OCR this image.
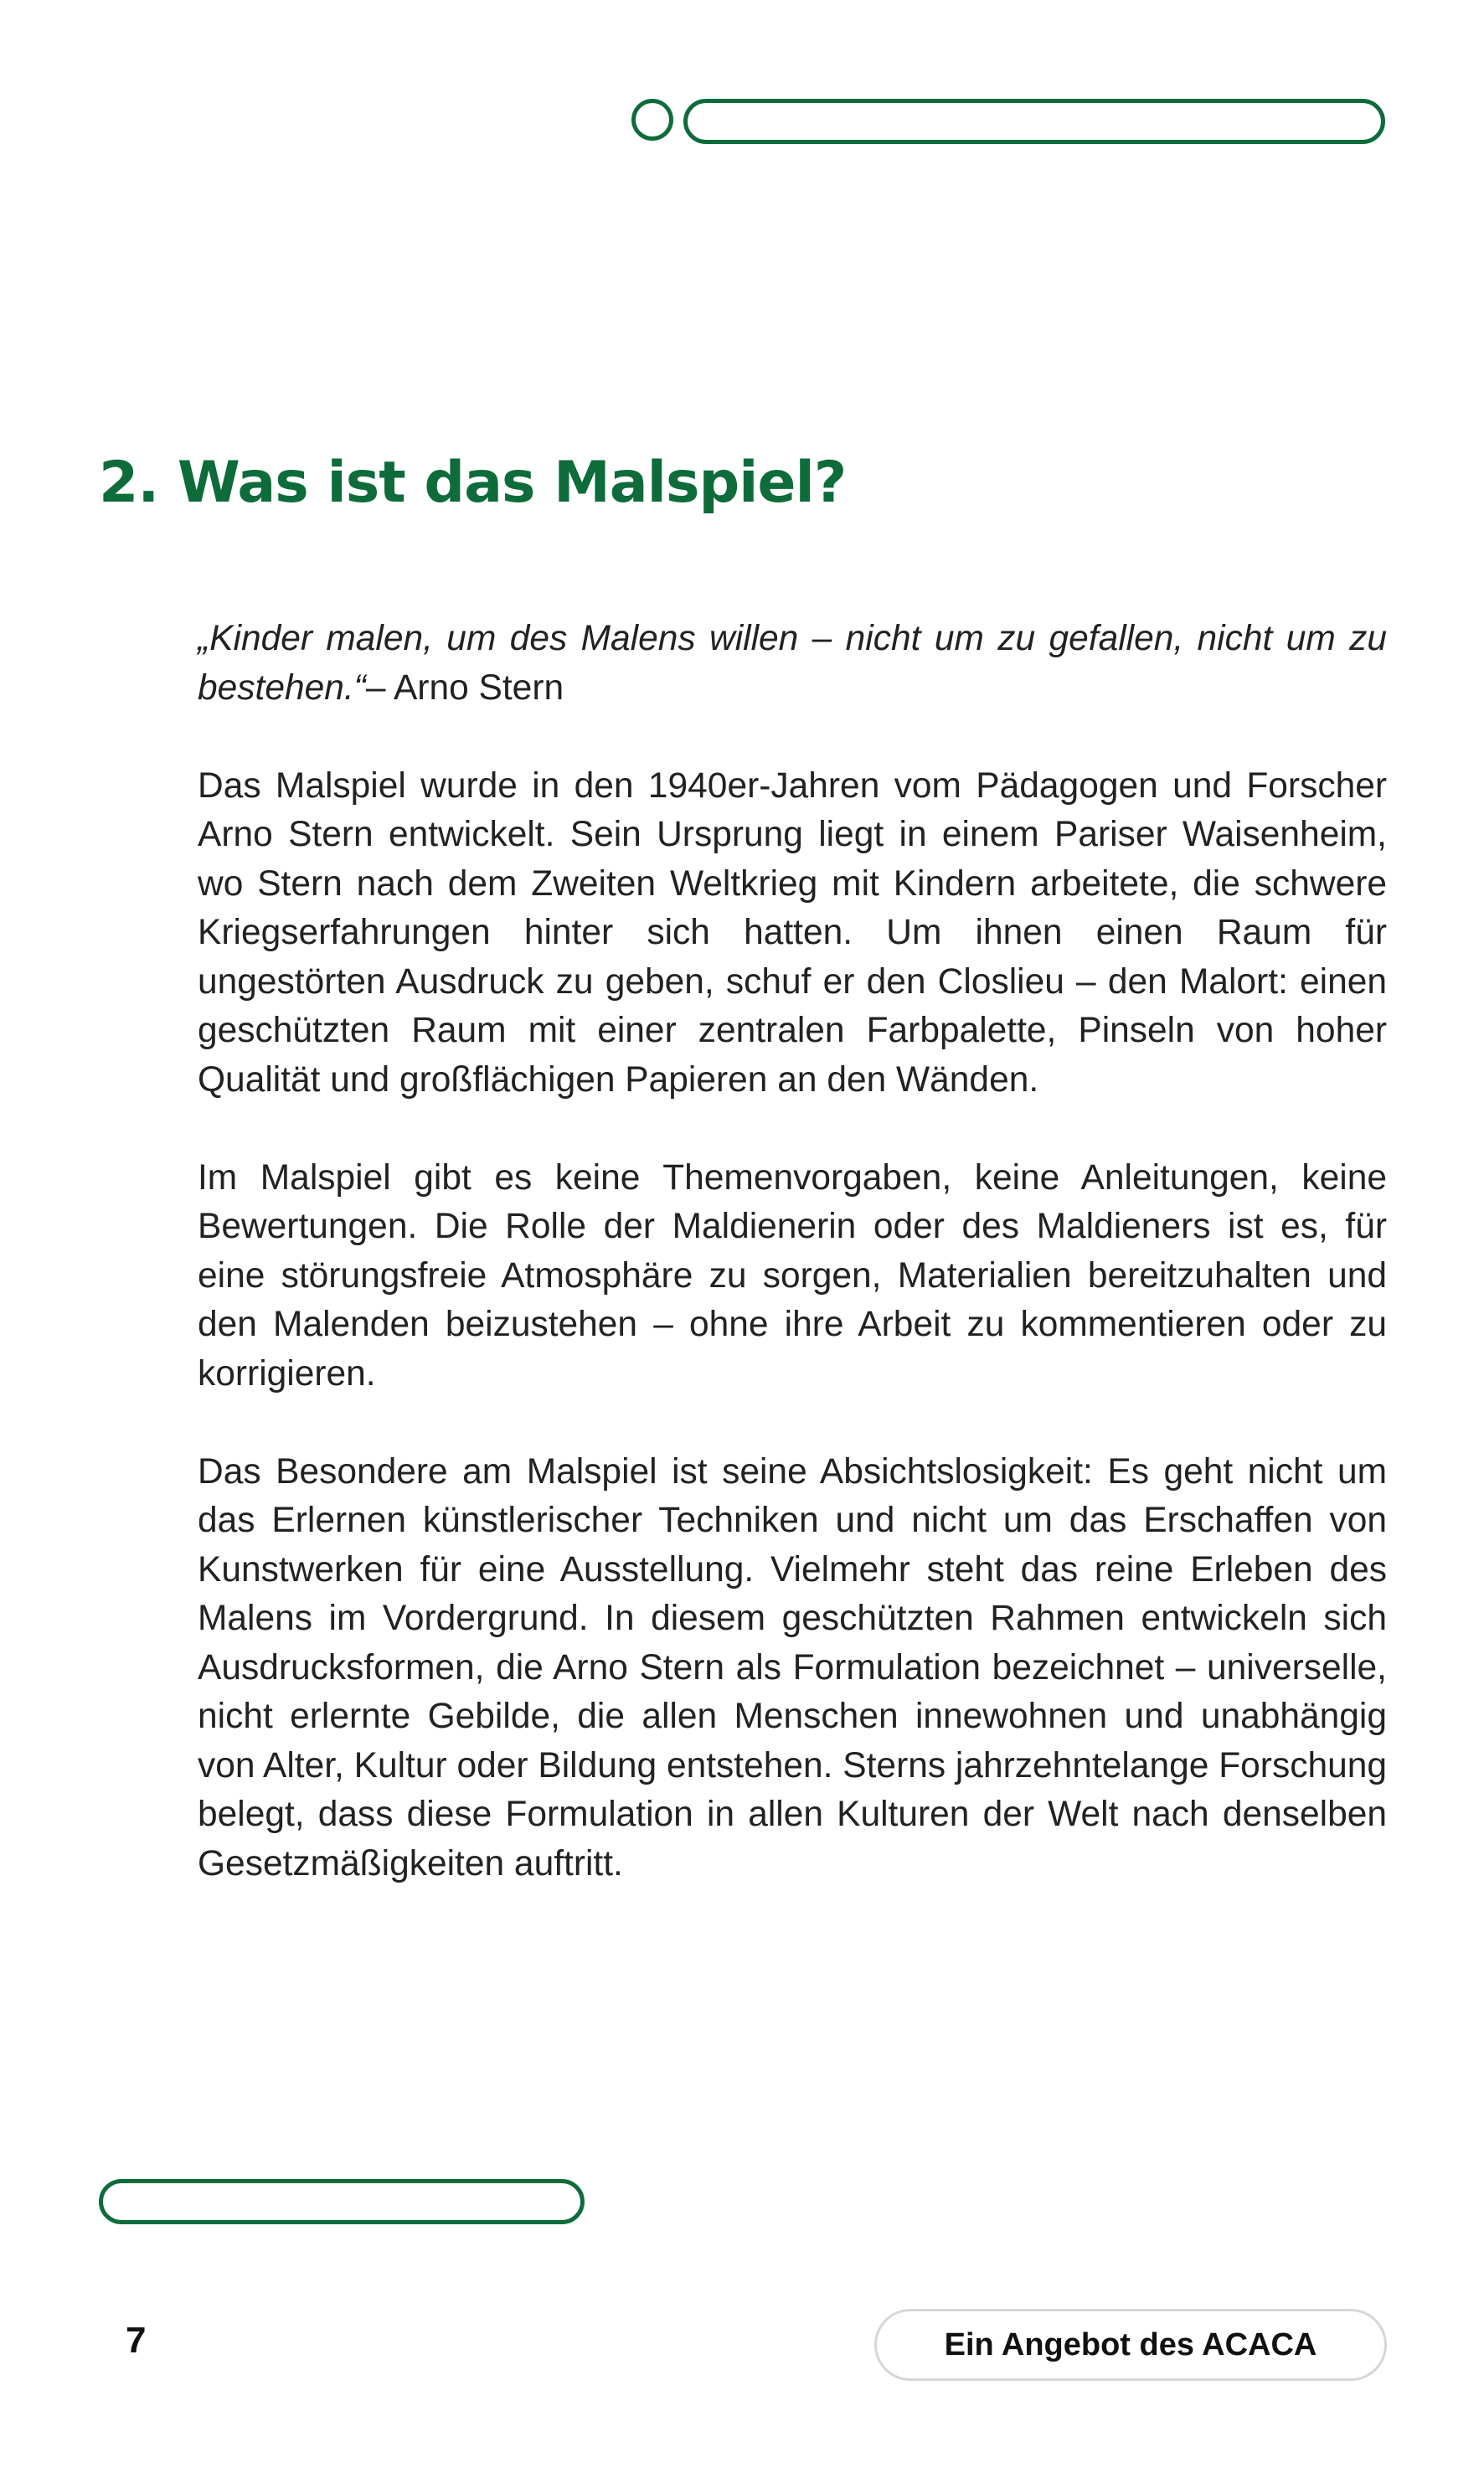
2. Was ist das Malspiel?

„Kinder malen, um des Malens willen – nicht um zu gefallen, nicht um zu bestehen.“– Arno Stern

Das Malspiel wurde in den 1940er-Jahren vom Pädagogen und Forscher Arno Stern entwickelt. Sein Ursprung liegt in einem Pariser Waisenheim, wo Stern nach dem Zweiten Weltkrieg mit Kindern arbeitete, die schwere Kriegserfahrungen hinter sich hatten. Um ihnen einen Raum für ungestörten Ausdruck zu geben, schuf er den Closlieu – den Malort: einen geschützten Raum mit einer zentralen Farbpalette, Pinseln von hoher Qualität und großflächigen Papieren an den Wänden.

Im Malspiel gibt es keine Themenvorgaben, keine Anleitungen, keine Bewertungen. Die Rolle der Maldienerin oder des Maldieners ist es, für eine störungsfreie Atmosphäre zu sorgen, Materialien bereitzuhalten und den Malenden beizustehen – ohne ihre Arbeit zu kommentieren oder zu korrigieren.

Das Besondere am Malspiel ist seine Absichtslosigkeit: Es geht nicht um das Erlernen künstlerischer Techniken und nicht um das Erschaffen von Kunstwerken für eine Ausstellung. Vielmehr steht das reine Erleben des Malens im Vordergrund. In diesem geschützten Rahmen entwickeln sich Ausdrucksformen, die Arno Stern als Formulation bezeichnet – universelle, nicht erlernte Gebilde, die allen Menschen innewohnen und unabhängig von Alter, Kultur oder Bildung entstehen. Sterns jahrzehntelange Forschung belegt, dass diese Formulation in allen Kulturen der Welt nach denselben Gesetzmäßigkeiten auftritt.

7	Ein Angebot des ACACA
